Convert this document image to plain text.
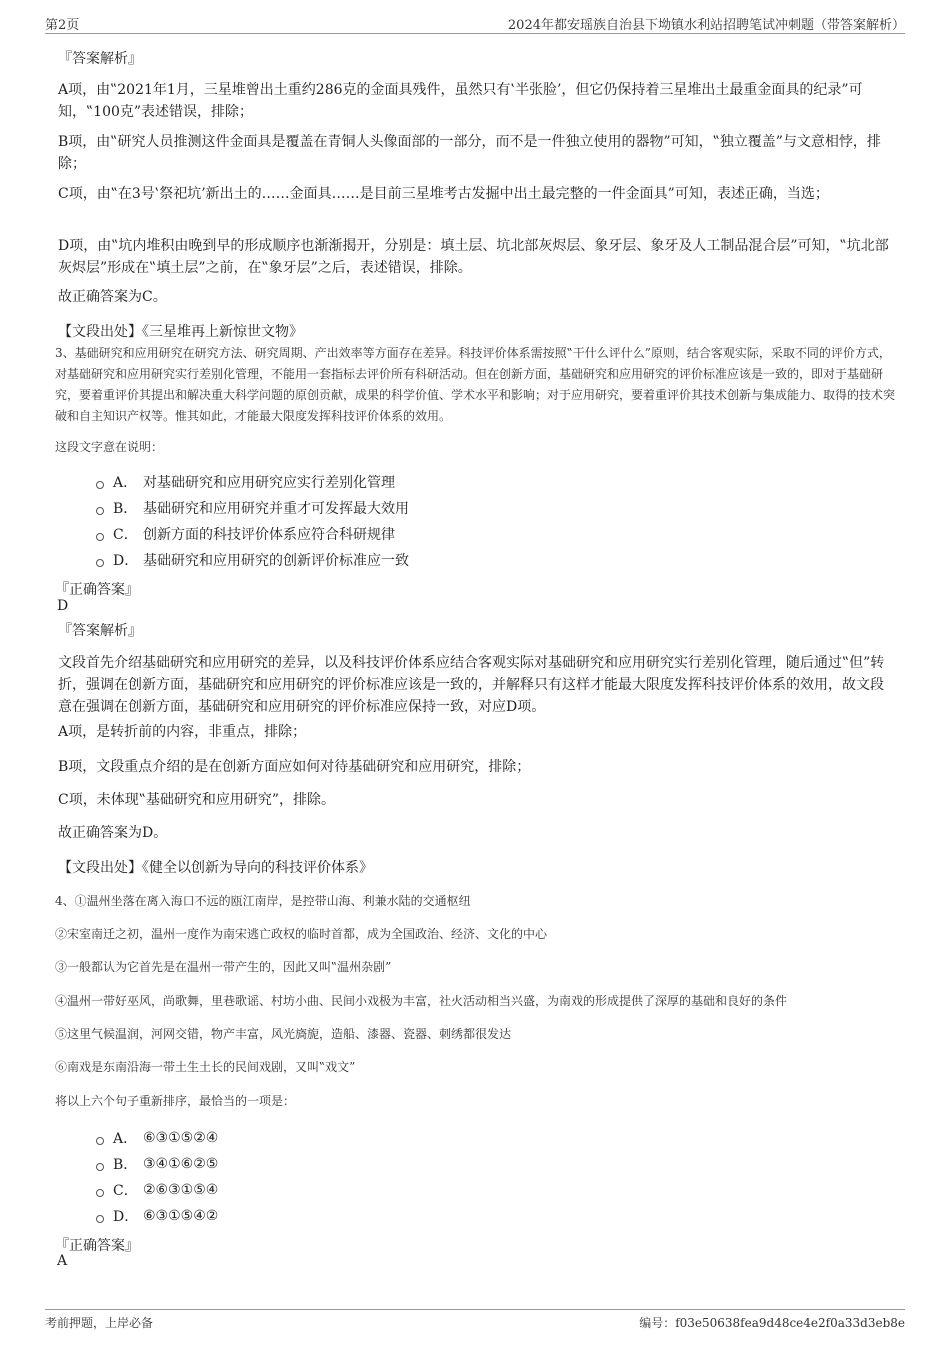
第2页	2024年都安瑶族自治县下坳镇水利站招聘笔试冲刺题（带答案解析）
『答案解析』
A项，由‟2021年1月，三星堆曾出土重约286克的金面具残件，虽然只有‛半张脸’，但它仍保持着三星堆出土最重金面具的纪录”可知，‟100克”表述错误，排除；
B项，由‟研究人员推测这件金面具是覆盖在青铜人头像面部的一部分，而不是一件独立使用的器物”可知，‟独立覆盖”与文意相悖，排除；
C项，由‟在3号‛祭祀坑’新出土的……金面具……是目前三星堆考古发掘中出土最完整的一件金面具”可知，表述正确，当选；
D项，由‟坑内堆积由晚到早的形成顺序也渐渐揭开，分别是：填土层、坑北部灰烬层、象牙层、象牙及人工制品混合层”可知，‟坑北部灰烬层”形成在‟填土层”之前，在‟象牙层”之后，表述错误，排除。
故正确答案为C。
【文段出处】《三星堆再上新惊世文物》
3、基础研究和应用研究在研究方法、研究周期、产出效率等方面存在差异。科技评价体系需按照‟干什么评什么”原则，结合客观实际，采取不同的评价方式，对基础研究和应用研究实行差别化管理，不能用一套指标去评价所有科研活动。但在创新方面，基础研究和应用研究的评价标准应该是一致的，即对于基础研究，要着重评价其提出和解决重大科学问题的原创贡献，成果的科学价值、学术水平和影响；对于应用研究，要着重评价其技术创新与集成能力、取得的技术突破和自主知识产权等。惟其如此，才能最大限度发挥科技评价体系的效用。
这段文字意在说明：
A． 对基础研究和应用研究应实行差别化管理
B． 基础研究和应用研究并重才可发挥最大效用
C． 创新方面的科技评价体系应符合科研规律
D． 基础研究和应用研究的创新评价标准应一致
『正确答案』
D
『答案解析』
文段首先介绍基础研究和应用研究的差异，以及科技评价体系应结合客观实际对基础研究和应用研究实行差别化管理，随后通过‟但”转折，强调在创新方面，基础研究和应用研究的评价标准应该是一致的，并解释只有这样才能最大限度发挥科技评价体系的效用，故文段意在强调在创新方面，基础研究和应用研究的评价标准应保持一致，对应D项。
A项，是转折前的内容，非重点，排除；
B项，文段重点介绍的是在创新方面应如何对待基础研究和应用研究，排除；
C项，未体现‟基础研究和应用研究”，排除。
故正确答案为D。
【文段出处】《健全以创新为导向的科技评价体系》
4、①温州坐落在离入海口不远的瓯江南岸，是控带山海、利兼水陆的交通枢纽
②宋室南迁之初，温州一度作为南宋逃亡政权的临时首都，成为全国政治、经济、文化的中心
③一般都认为它首先是在温州一带产生的，因此又叫‟温州杂剧”
④温州一带好巫风，尚歌舞，里巷歌谣、村坊小曲、民间小戏极为丰富，社火活动相当兴盛，为南戏的形成提供了深厚的基础和良好的条件
⑤这里气候温润，河网交错，物产丰富，风光旖旎，造船、漆器、瓷器、刺绣都很发达
⑥南戏是东南沿海一带土生土长的民间戏剧，又叫‟戏文”
将以上六个句子重新排序，最恰当的一项是：
A． ⑥③①⑤②④
B． ③④①⑥②⑤
C． ②⑥③①⑤④
D． ⑥③①⑤④②
『正确答案』
A
考前押题，上岸必备	编号：f03e50638fea9d48ce4e2f0a33d3eb8e
